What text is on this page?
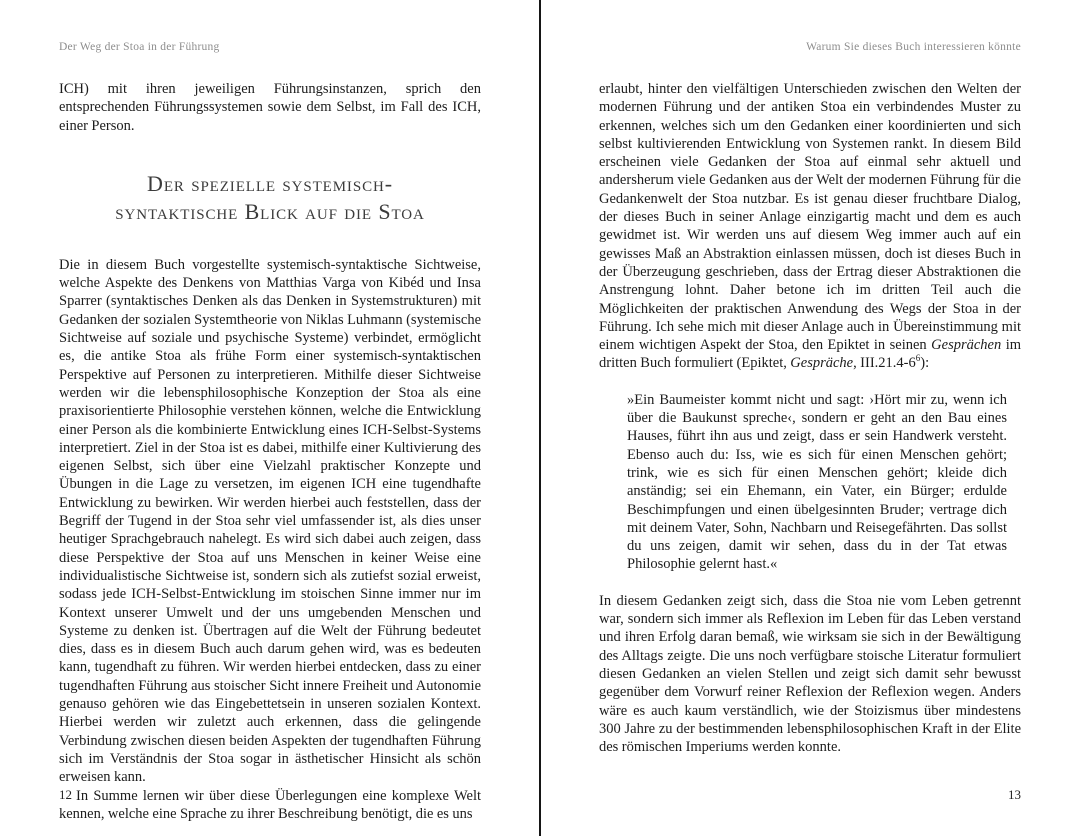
Der Weg der Stoa in der Führung

ICH) mit ihren jeweiligen Führungsinstanzen, sprich den entsprechenden Führungssystemen sowie dem Selbst, im Fall des ICH, einer Person.

Der spezielle systemisch-
syntaktische Blick auf die Stoa

Die in diesem Buch vorgestellte systemisch-syntaktische Sichtweise, welche Aspekte des Denkens von Matthias Varga von Kibéd und Insa Sparrer (syntaktisches Denken als das Denken in Systemstrukturen) mit Gedanken der sozialen Systemtheorie von Niklas Luhmann (systemische Sichtweise auf soziale und psychische Systeme) verbindet, ermöglicht es, die antike Stoa als frühe Form einer systemisch-syntaktischen Perspektive auf Personen zu interpretieren. Mithilfe dieser Sichtweise werden wir die lebensphilosophische Konzeption der Stoa als eine praxisorientierte Philosophie verstehen können, welche die Entwicklung einer Person als die kombinierte Entwicklung eines ICH-Selbst-Systems interpretiert. Ziel in der Stoa ist es dabei, mithilfe einer Kultivierung des eigenen Selbst, sich über eine Vielzahl praktischer Konzepte und Übungen in die Lage zu versetzen, im eigenen ICH eine tugendhafte Entwicklung zu bewirken. Wir werden hierbei auch feststellen, dass der Begriff der Tugend in der Stoa sehr viel umfassender ist, als dies unser heutiger Sprachgebrauch nahelegt. Es wird sich dabei auch zeigen, dass diese Perspektive der Stoa auf uns Menschen in keiner Weise eine individualistische Sichtweise ist, sondern sich als zutiefst sozial erweist, sodass jede ICH-Selbst-Entwicklung im stoischen Sinne immer nur im Kontext unserer Umwelt und der uns umgebenden Menschen und Systeme zu denken ist. Übertragen auf die Welt der Führung bedeutet dies, dass es in diesem Buch auch darum gehen wird, was es bedeuten kann, tugendhaft zu führen. Wir werden hierbei entdecken, dass zu einer tugendhaften Führung aus stoischer Sicht innere Freiheit und Autonomie genauso gehören wie das Eingebettetsein in unseren sozialen Kontext. Hierbei werden wir zuletzt auch erkennen, dass die gelingende Verbindung zwischen diesen beiden Aspekten der tugendhaften Führung sich im Verständnis der Stoa sogar in ästhetischer Hinsicht als schön erweisen kann.

In Summe lernen wir über diese Überlegungen eine komplexe Welt kennen, welche eine Sprache zu ihrer Beschreibung benötigt, die es uns

12
Warum Sie dieses Buch interessieren könnte

erlaubt, hinter den vielfältigen Unterschieden zwischen den Welten der modernen Führung und der antiken Stoa ein verbindendes Muster zu erkennen, welches sich um den Gedanken einer koordinierten und sich selbst kultivierenden Entwicklung von Systemen rankt. In diesem Bild erscheinen viele Gedanken der Stoa auf einmal sehr aktuell und andersherum viele Gedanken aus der Welt der modernen Führung für die Gedankenwelt der Stoa nutzbar. Es ist genau dieser fruchtbare Dialog, der dieses Buch in seiner Anlage einzigartig macht und dem es auch gewidmet ist. Wir werden uns auf diesem Weg immer auch auf ein gewisses Maß an Abstraktion einlassen müssen, doch ist dieses Buch in der Überzeugung geschrieben, dass der Ertrag dieser Abstraktionen die Anstrengung lohnt. Daher betone ich im dritten Teil auch die Möglichkeiten der praktischen Anwendung des Wegs der Stoa in der Führung. Ich sehe mich mit dieser Anlage auch in Übereinstimmung mit einem wichtigen Aspekt der Stoa, den Epiktet in seinen Gesprächen im dritten Buch formuliert (Epiktet, Gespräche, $III.21.4-6^6$):

»Ein Baumeister kommt nicht und sagt: ›Hört mir zu, wenn ich über die Baukunst spreche‹, sondern er geht an den Bau eines Hauses, führt ihn aus und zeigt, dass er sein Handwerk versteht. Ebenso auch du: Iss, wie es sich für einen Menschen gehört; trink, wie es sich für einen Menschen gehört; kleide dich anständig; sei ein Ehemann, ein Vater, ein Bürger; erdulde Beschimpfungen und einen übelgesinnten Bruder; vertrage dich mit deinem Vater, Sohn, Nachbarn und Reisegefährten. Das sollst du uns zeigen, damit wir sehen, dass du in der Tat etwas Philosophie gelernt hast.«

In diesem Gedanken zeigt sich, dass die Stoa nie vom Leben getrennt war, sondern sich immer als Reflexion im Leben für das Leben verstand und ihren Erfolg daran bemaß, wie wirksam sie sich in der Bewältigung des Alltags zeigte. Die uns noch verfügbare stoische Literatur formuliert diesen Gedanken an vielen Stellen und zeigt sich damit sehr bewusst gegenüber dem Vorwurf reiner Reflexion der Reflexion wegen. Anders wäre es auch kaum verständlich, wie der Stoizismus über mindestens 300 Jahre zu der bestimmenden lebensphilosophischen Kraft in der Elite des römischen Imperiums werden konnte.

13
